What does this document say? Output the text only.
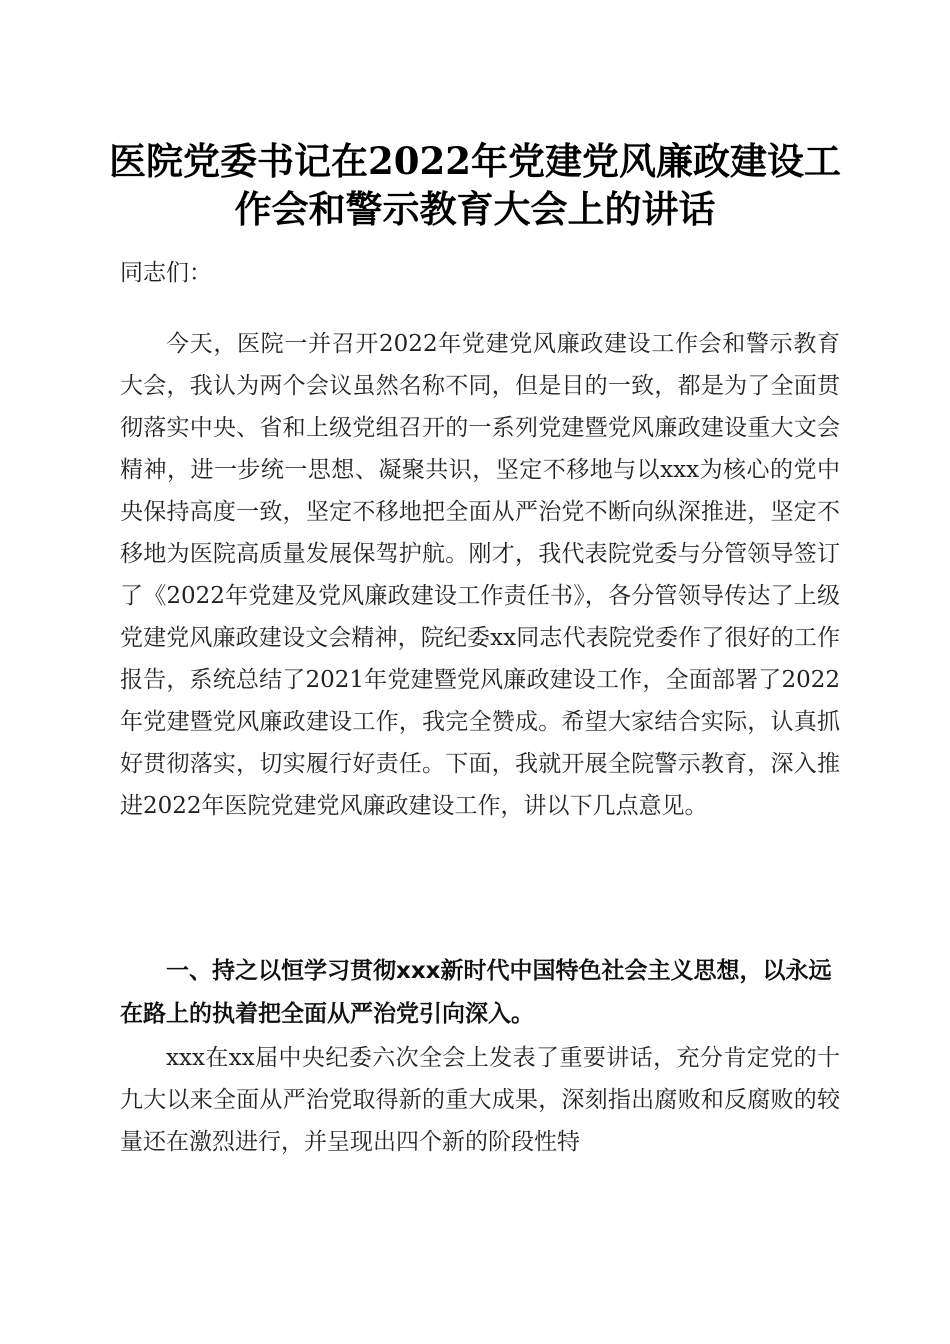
医院党委书记在2022年党建党风廉政建设工
作会和警示教育大会上的讲话
同志们：
今天，医院一并召开2022年党建党风廉政建设工作会和警示教育大会，我认为两个会议虽然名称不同，但是目的一致，都是为了全面贯彻落实中央、省和上级党组召开的一系列党建暨党风廉政建设重大文会精神，进一步统一思想、凝聚共识，坚定不移地与以xxx为核心的党中央保持高度一致，坚定不移地把全面从严治党不断向纵深推进，坚定不移地为医院高质量发展保驾护航。刚才，我代表院党委与分管领导签订了《2022年党建及党风廉政建设工作责任书》，各分管领导传达了上级党建党风廉政建设文会精神，院纪委xx同志代表院党委作了很好的工作报告，系统总结了2021年党建暨党风廉政建设工作，全面部署了2022年党建暨党风廉政建设工作，我完全赞成。希望大家结合实际，认真抓好贯彻落实，切实履行好责任。下面，我就开展全院警示教育，深入推进2022年医院党建党风廉政建设工作，讲以下几点意见。
一、持之以恒学习贯彻xxx新时代中国特色社会主义思想，以永远在路上的执着把全面从严治党引向深入。
xxx在xx届中央纪委六次全会上发表了重要讲话，充分肯定党的十九大以来全面从严治党取得新的重大成果，深刻指出腐败和反腐败的较量还在激烈进行，并呈现出四个新的阶段性特
